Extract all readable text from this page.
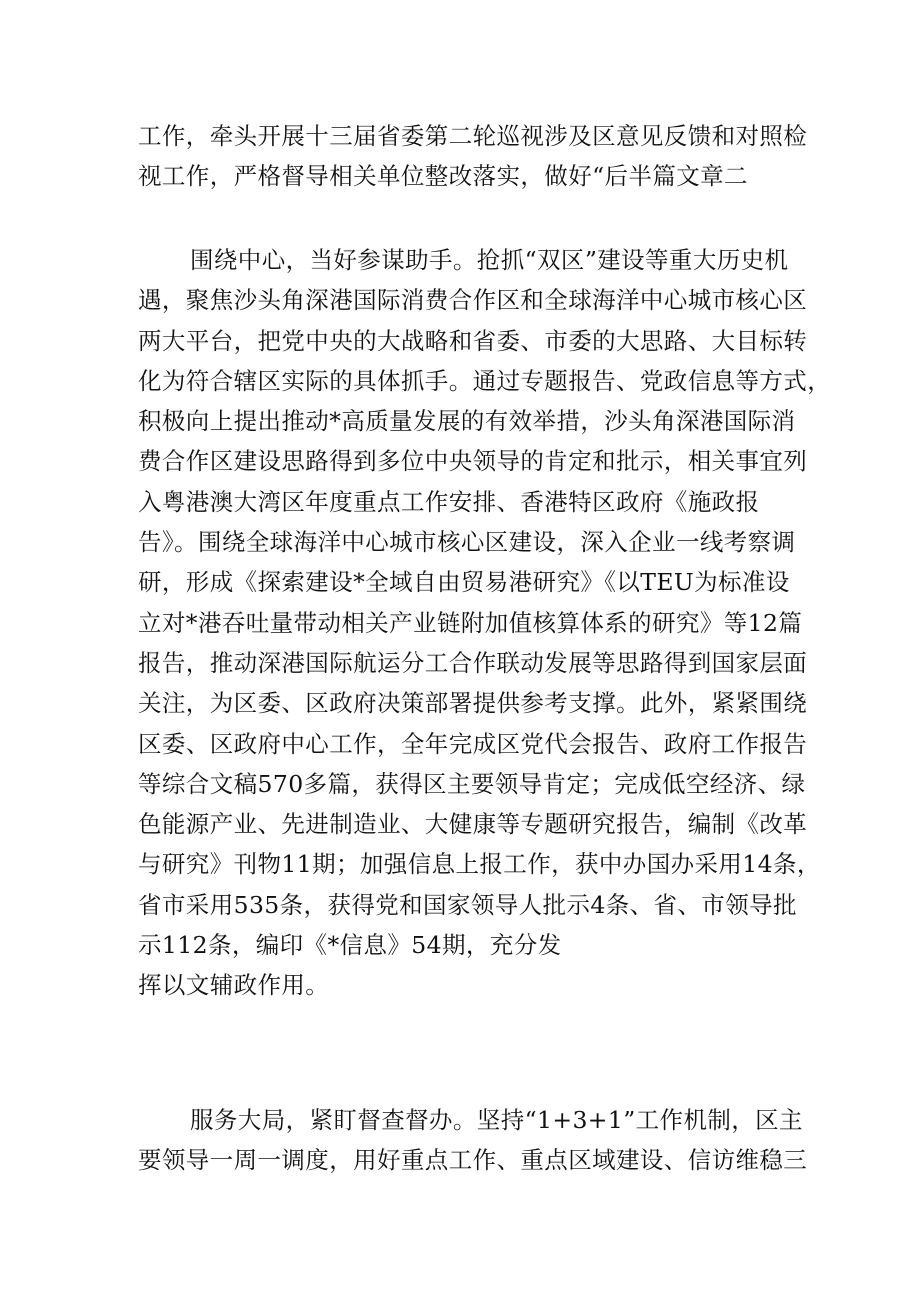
工作，牵头开展十三届省委第二轮巡视涉及区意见反馈和对照检
视工作，严格督导相关单位整改落实，做好“后半篇文章二
围绕中心，当好参谋助手。抢抓“双区”建设等重大历史机
遇，聚焦沙头角深港国际消费合作区和全球海洋中心城市核心区
两大平台，把党中央的大战略和省委、市委的大思路、大目标转
化为符合辖区实际的具体抓手。通过专题报告、党政信息等方式，
积极向上提出推动*高质量发展的有效举措，沙头角深港国际消
费合作区建设思路得到多位中央领导的肯定和批示，相关事宜列
入粤港澳大湾区年度重点工作安排、香港特区政府《施政报
告》。围绕全球海洋中心城市核心区建设，深入企业一线考察调
研，形成《探索建设*全域自由贸易港研究》《以TEU为标准设
立对*港吞吐量带动相关产业链附加值核算体系的研究》等12篇
报告，推动深港国际航运分工合作联动发展等思路得到国家层面
关注，为区委、区政府决策部署提供参考支撑。此外，紧紧围绕
区委、区政府中心工作，全年完成区党代会报告、政府工作报告
等综合文稿570多篇，获得区主要领导肯定；完成低空经济、绿
色能源产业、先进制造业、大健康等专题研究报告，编制《改革
与研究》刊物11期；加强信息上报工作，获中办国办采用14条，
省市采用535条，获得党和国家领导人批示4条、省、市领导批
示112条，编印《*信息》54期，充分发
挥以文辅政作用。
服务大局，紧盯督查督办。坚持“1+3+1”工作机制，区主
要领导一周一调度，用好重点工作、重点区域建设、信访维稳三
